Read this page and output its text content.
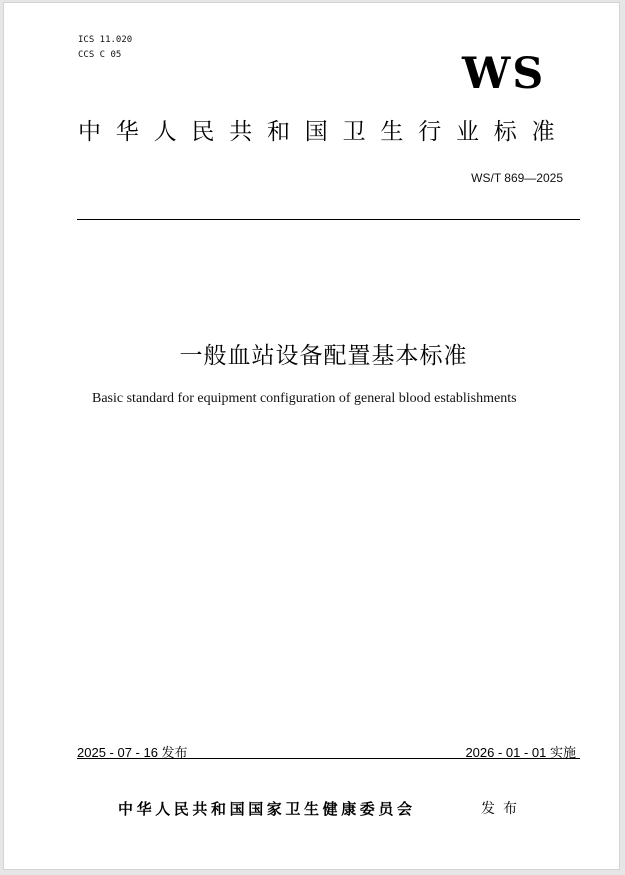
ICS 11.020
CCS C 05	WS
中华人民共和国卫生行业标准
WS/T 869—2025
一般血站设备配置基本标准
Basic standard for equipment configuration of general blood establishments
2025 - 07 - 16 发布	2026 - 01 - 01 实施
中华人民共和国国家卫生健康委员会	发布
